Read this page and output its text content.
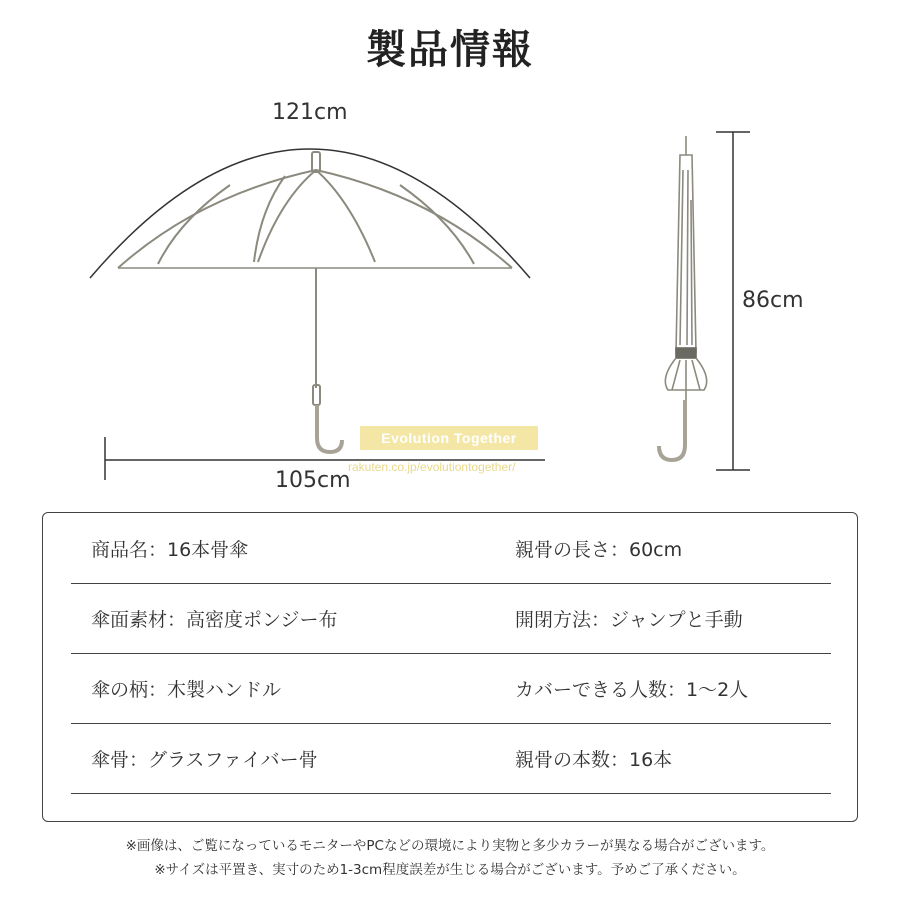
製品情報
121cm
105cm
86cm
Evolution Together
rakuten.co.jp/evolutiontogether/
商品名：16本骨傘	親骨の長さ：60cm
傘面素材：高密度ポンジー布	開閉方法：ジャンプと手動
傘の柄：木製ハンドル	カバーできる人数：1〜2人
傘骨：グラスファイバー骨	親骨の本数：16本
※画像は、ご覧になっているモニターやPCなどの環境により実物と多少カラーが異なる場合がございます。
※サイズは平置き、実寸のため1-3cm程度誤差が生じる場合がございます。予めご了承ください。
